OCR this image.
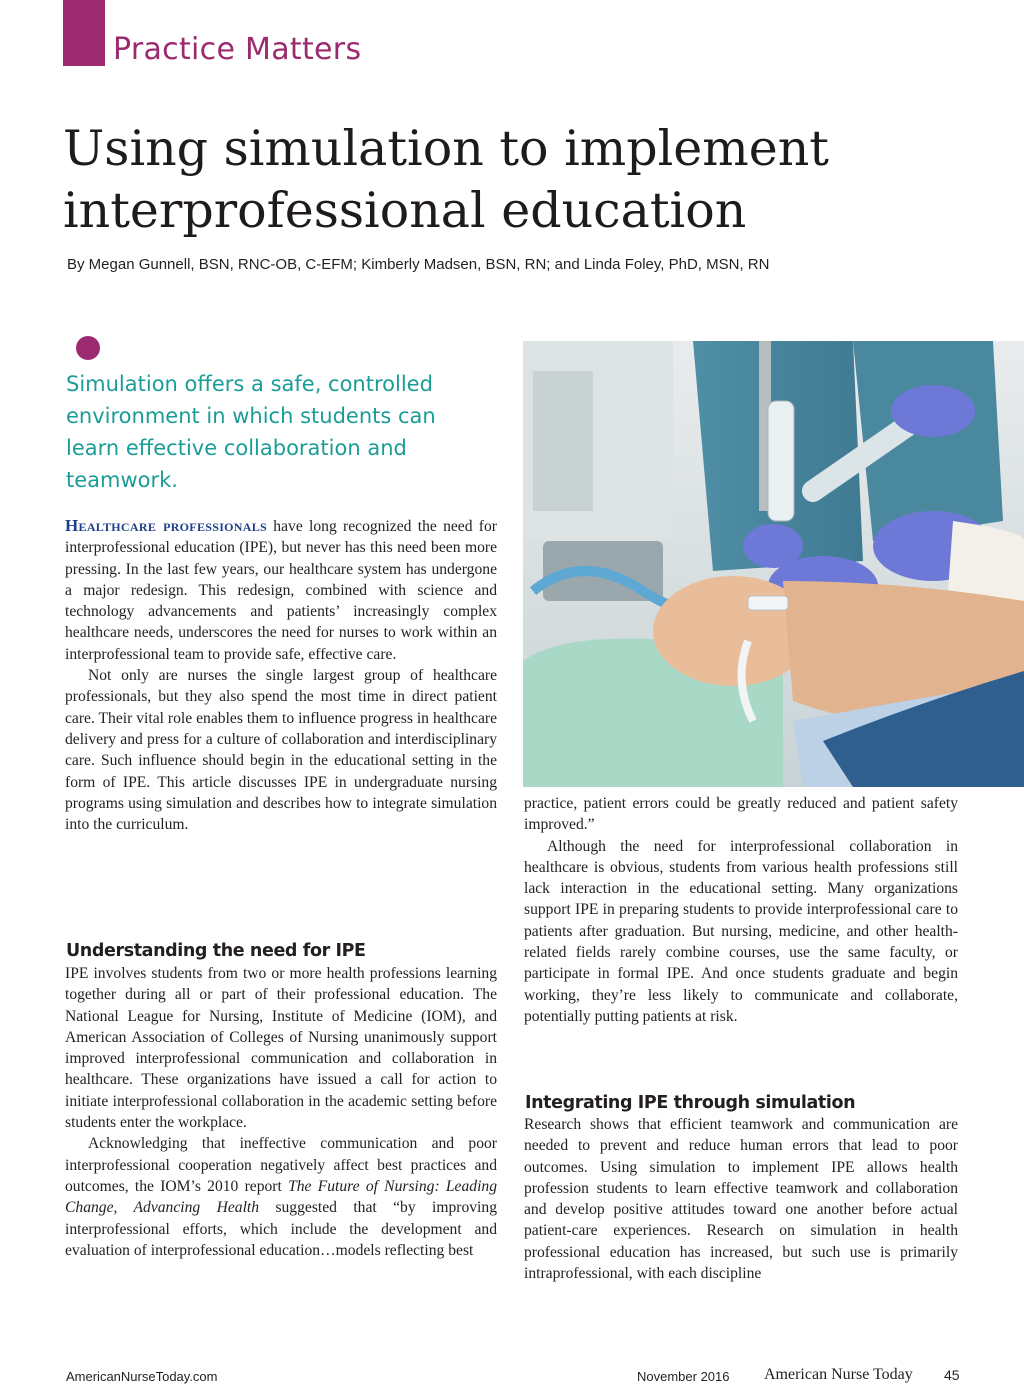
Practice Matters
Using simulation to implement interprofessional education

By Megan Gunnell, BSN, RNC-OB, C-EFM; Kimberly Madsen, BSN, RN; and Linda Foley, PhD, MSN, RN

Simulation offers a safe, controlled environment in which students can learn effective collaboration and teamwork.

Healthcare professionals have long recognized the need for interprofessional education (IPE), but never has this need been more pressing. In the last few years, our healthcare system has undergone a major redesign. This redesign, combined with science and technology advancements and patients’ increasingly complex healthcare needs, underscores the need for nurses to work within an interprofessional team to provide safe, effective care.

Not only are nurses the single largest group of healthcare professionals, but they also spend the most time in direct patient care. Their vital role enables them to influence progress in healthcare delivery and press for a culture of collaboration and interdisciplinary care. Such influence should begin in the educational setting in the form of IPE. This article discusses IPE in undergraduate nursing programs using simulation and describes how to integrate simulation into the curriculum.

Understanding the need for IPE

IPE involves students from two or more health professions learning together during all or part of their professional education. The National League for Nursing, Institute of Medicine (IOM), and American Association of Colleges of Nursing unanimously support improved interprofessional communication and collaboration in healthcare. These organizations have issued a call for action to initiate interprofessional collaboration in the academic setting before students enter the workplace.

Acknowledging that ineffective communication and poor interprofessional cooperation negatively affect best practices and outcomes, the IOM’s 2010 report The Future of Nursing: Leading Change, Advancing Health suggested that “by improving interprofessional efforts, which include the development and evaluation of interprofessional education…models reflecting best

practice, patient errors could be greatly reduced and patient safety improved.”

Although the need for interprofessional collaboration in healthcare is obvious, students from various health professions still lack interaction in the educational setting. Many organizations support IPE in preparing students to provide interprofessional care to patients after graduation. But nursing, medicine, and other health-related fields rarely combine courses, use the same faculty, or participate in formal IPE. And once students graduate and begin working, they’re less likely to communicate and collaborate, potentially putting patients at risk.

Integrating IPE through simulation

Research shows that efficient teamwork and communication are needed to prevent and reduce human errors that lead to poor outcomes. Using simulation to implement IPE allows health profession students to learn effective teamwork and collaboration and develop positive attitudes toward one another before actual patient-care experiences. Research on simulation in health professional education has increased, but such use is primarily intraprofessional, with each discipline

AmericanNurseToday.com	November 2016 American Nurse Today 45
